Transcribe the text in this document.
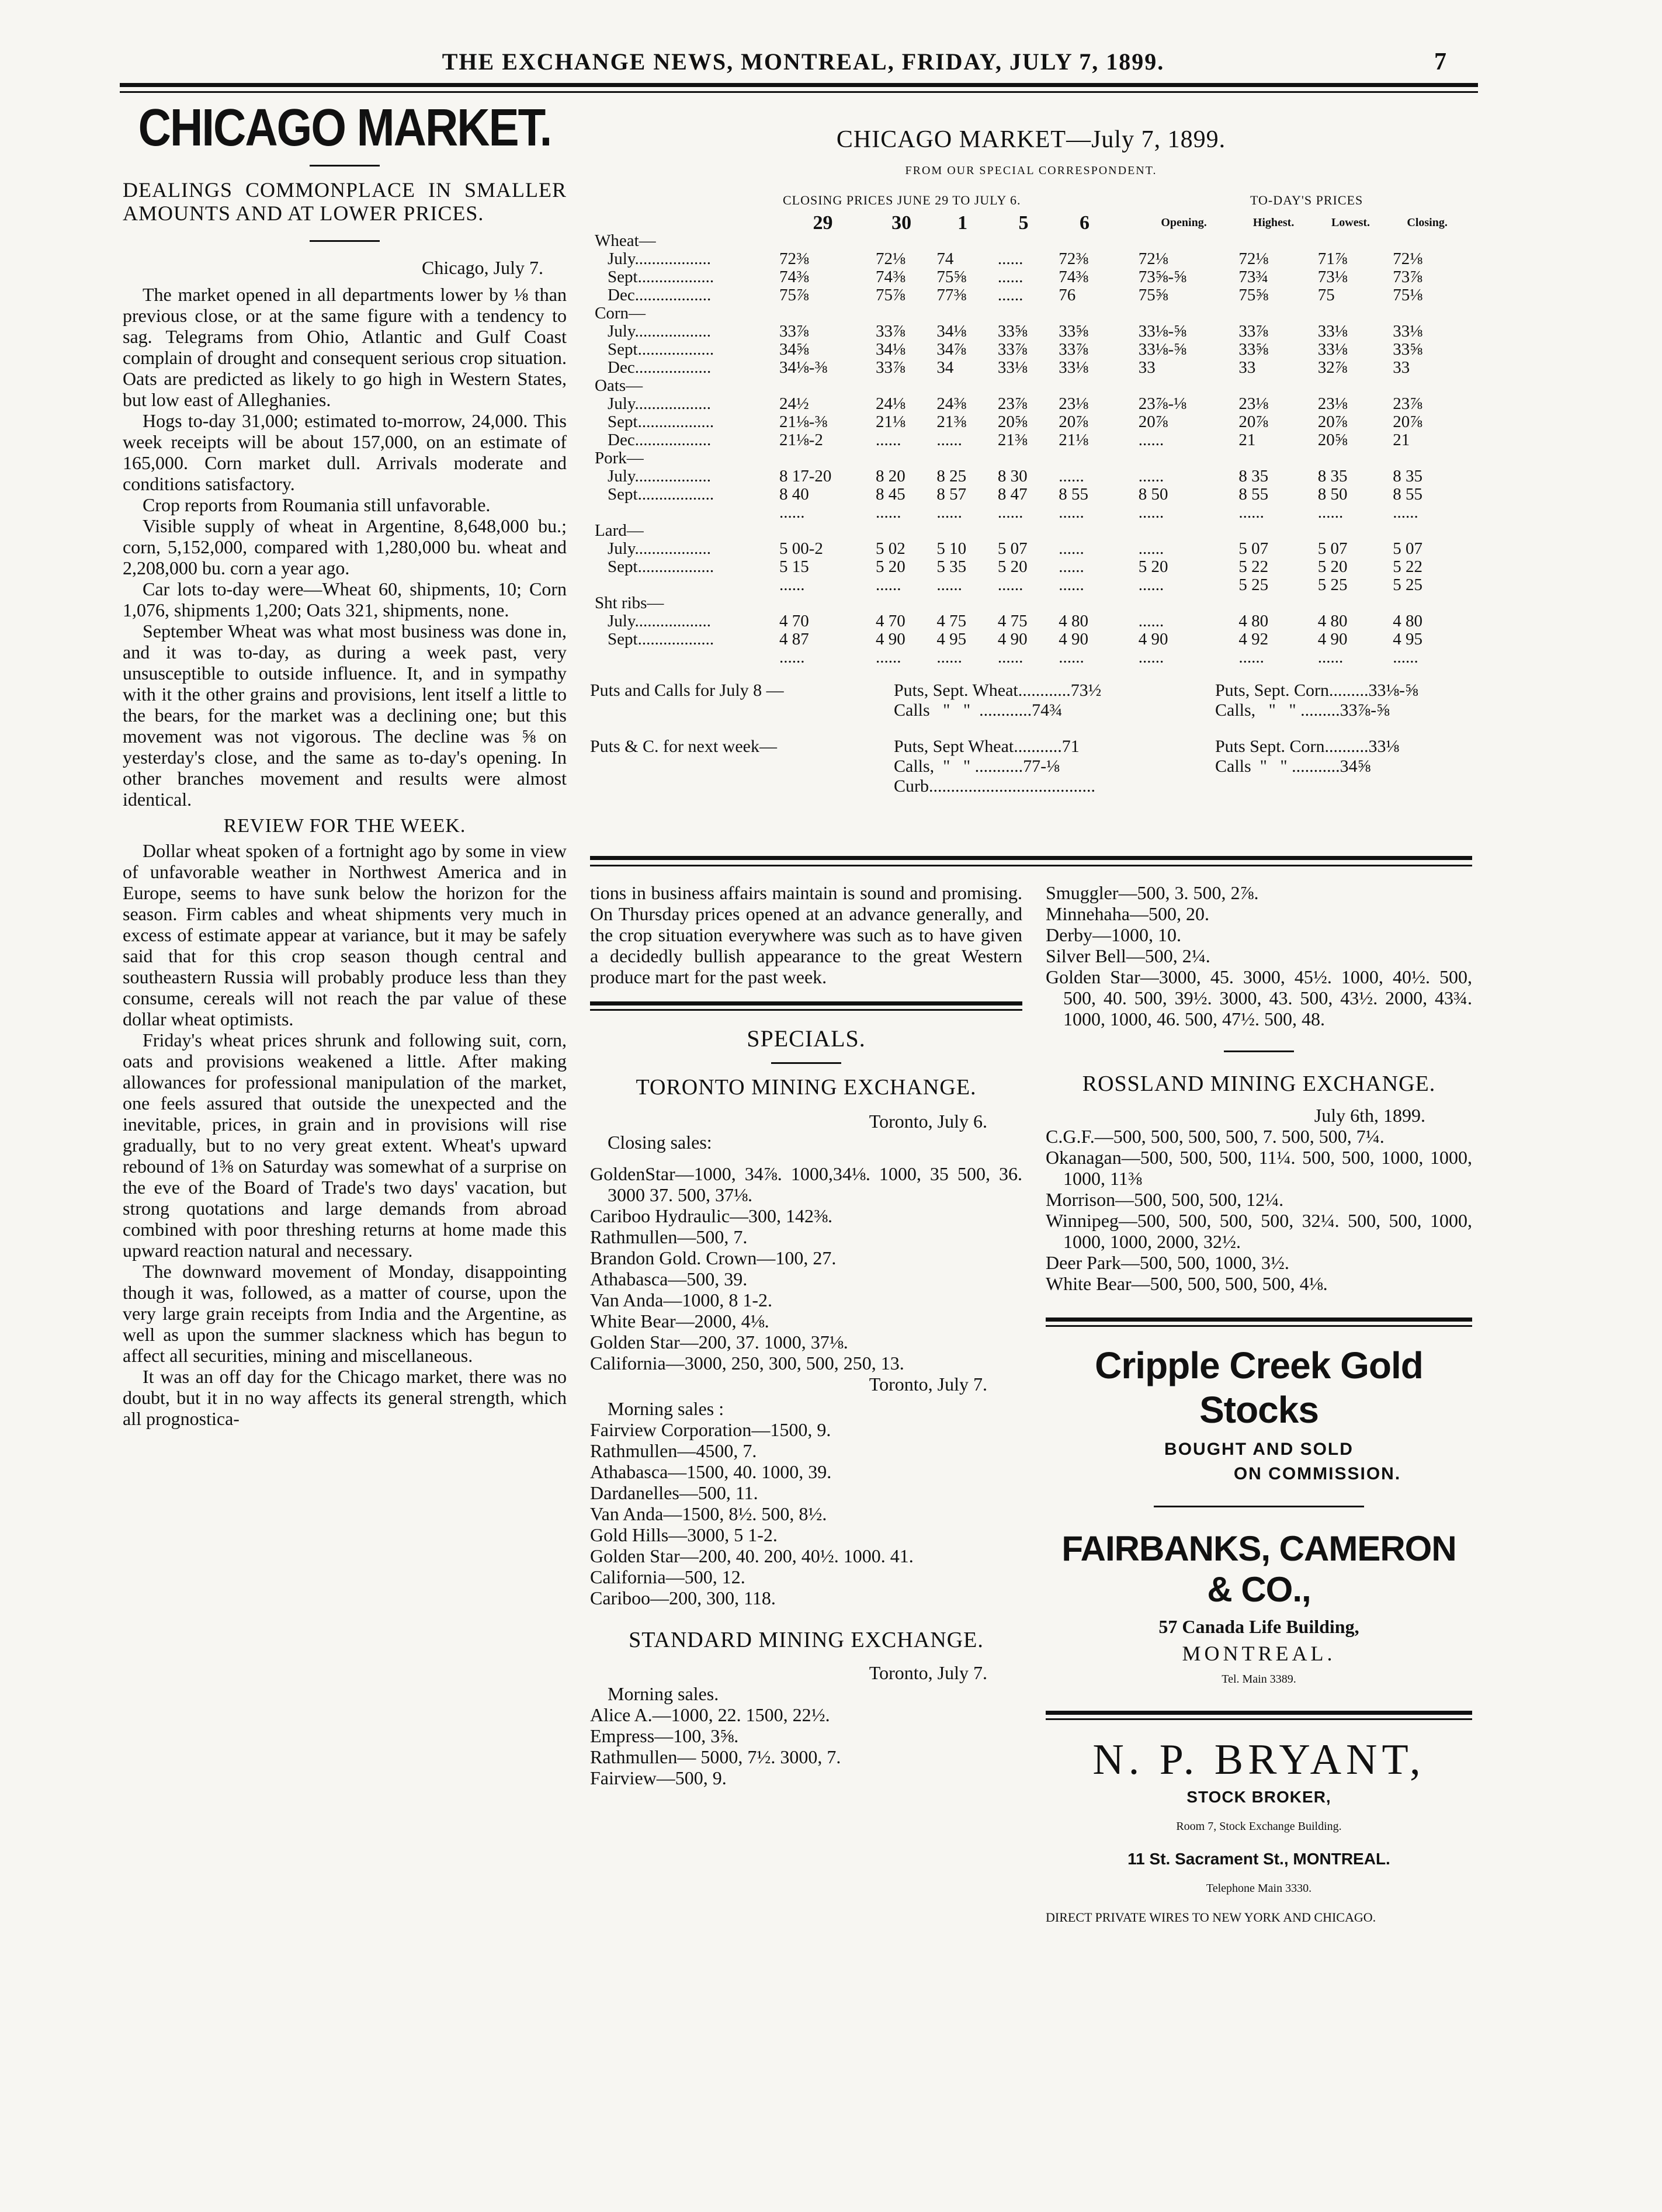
THE EXCHANGE NEWS, MONTREAL, FRIDAY, JULY 7, 1899.	7
CHICAGO MARKET.
DEALINGS COMMONPLACE IN SMALLER AMOUNTS AND AT LOWER PRICES.
Chicago, July 7.

The market opened in all departments lower by ⅛ than previous close, or at the same figure with a tendency to sag. Telegrams from Ohio, Atlantic and Gulf Coast complain of drought and consequent serious crop situation. Oats are predicted as likely to go high in Western States, but low east of Alleghanies.

Hogs to-day 31,000; estimated to-morrow, 24,000. This week receipts will be about 157,000, on an estimate of 165,000. Corn market dull. Arrivals moderate and conditions satisfactory.

Crop reports from Roumania still unfavorable.

Visible supply of wheat in Argentine, 8,648,000 bu.; corn, 5,152,000, compared with 1,280,000 bu. wheat and 2,208,000 bu. corn a year ago.

Car lots to-day were—Wheat 60, shipments, 10; Corn 1,076, shipments 1,200; Oats 321, shipments, none.

September Wheat was what most business was done in, and it was to-day, as during a week past, very unsusceptible to outside influence. It, and in sympathy with it the other grains and provisions, lent itself a little to the bears, for the market was a declining one; but this movement was not vigorous. The decline was ⅝ on yesterday's close, and the same as to-day's opening. In other branches movement and results were almost identical.

REVIEW FOR THE WEEK.

Dollar wheat spoken of a fortnight ago by some in view of unfavorable weather in Northwest America and in Europe, seems to have sunk below the horizon for the season. Firm cables and wheat shipments very much in excess of estimate appear at variance, but it may be safely said that for this crop season though central and southeastern Russia will probably produce less than they consume, cereals will not reach the par value of these dollar wheat optimists.

Friday's wheat prices shrunk and following suit, corn, oats and provisions weakened a little. After making allowances for professional manipulation of the market, one feels assured that outside the unexpected and the inevitable, prices, in grain and in provisions will rise gradually, but to no very great extent. Wheat's upward rebound of 1⅜ on Saturday was somewhat of a surprise on the eve of the Board of Trade's two days' vacation, but strong quotations and large demands from abroad combined with poor threshing returns at home made this upward reaction natural and necessary.

The downward movement of Monday, disappointing though it was, followed, as a matter of course, upon the very large grain receipts from India and the Argentine, as well as upon the summer slackness which has begun to affect all securities, mining and miscellaneous.

It was an off day for the Chicago market, there was no doubt, but it in no way affects its general strength, which all prognostica-

CHICAGO MARKET—July 7, 1899.
FROM OUR SPECIAL CORRESPONDENT.
CLOSING PRICES JUNE 29 TO JULY 6.	TO-DAY'S PRICES
	29	30	1	5	6	Opening.	Highest.	Lowest.	Closing.
Wheat—									
July..................	72⅜	72⅛	74	......	72⅜	72⅛	72⅛	71⅞	72⅛
Sept..................	74⅜	74⅜	75⅝	......	74⅜	73⅝-⅝	73¾	73⅛	73⅞
Dec..................	75⅞	75⅞	77⅜	......	76	75⅝	75⅝	75	75⅛
Corn—									
July..................	33⅞	33⅞	34⅛	33⅝	33⅝	33⅛-⅝	33⅞	33⅛	33⅛
Sept..................	34⅝	34⅛	34⅞	33⅞	33⅞	33⅛-⅝	33⅝	33⅛	33⅝
Dec..................	34⅛-⅜	33⅞	34	33⅛	33⅛	33	33	32⅞	33
Oats—									
July..................	24½	24⅛	24⅜	23⅞	23⅛	23⅞-⅛	23⅛	23⅛	23⅞
Sept..................	21⅛-⅜	21⅛	21⅜	20⅝	20⅞	20⅞	20⅞	20⅞	20⅞
Dec..................	21⅛-2	......	......	21⅜	21⅛	......	21	20⅝	21
Pork—									
July..................	8 17-20	8 20	8 25	8 30	......	......	8 35	8 35	8 35
Sept..................	8 40	8 45	8 57	8 47	8 55	8 50	8 55	8 50	8 55
	......	......	......	......	......	......	......	......	......
Lard—									
July..................	5 00-2	5 02	5 10	5 07	......	......	5 07	5 07	5 07
Sept..................	5 15	5 20	5 35	5 20	......	5 20	5 22	5 20	5 22
	......	......	......	......	......	......	5 25	5 25	5 25
Sht ribs—									
July..................	4 70	4 70	4 75	4 75	4 80	......	4 80	4 80	4 80
Sept..................	4 87	4 90	4 95	4 90	4 90	4 90	4 92	4 90	4 95
	......	......	......	......	......	......	......	......	......
Puts and Calls for July 8 —	Puts, Sept. Wheat............73½
Calls   "   "  ............74¾
Puts, Sept. Corn.........33⅛-⅝
Calls,   "   " .........33⅞-⅝
Puts & C. for next week—	Puts, Sept Wheat...........71
Calls,  "   " ...........77-⅛
Curb......................................
Puts Sept. Corn..........33⅛
Calls  "   " ...........34⅝
tions in business affairs maintain is sound and promising. On Thursday prices opened at an advance generally, and the crop situation everywhere was such as to have given a decidedly bullish appearance to the great Western produce mart for the past week.
SPECIALS.
TORONTO MINING EXCHANGE.
Toronto, July 6.
Closing sales:
GoldenStar—1000, 34⅞. 1000,34⅛. 1000, 35 500, 36. 3000 37. 500, 37⅛.
Cariboo Hydraulic—300, 142⅜.
Rathmullen—500, 7.
Brandon Gold. Crown—100, 27.
Athabasca—500, 39.
Van Anda—1000, 8 1-2.
White Bear—2000, 4⅛.
Golden Star—200, 37. 1000, 37⅛.
California—3000, 250, 300, 500, 250, 13.
Toronto, July 7.
Morning sales :
Fairview Corporation—1500, 9.
Rathmullen—4500, 7.
Athabasca—1500, 40. 1000, 39.
Dardanelles—500, 11.
Van Anda—1500, 8½. 500, 8½.
Gold Hills—3000, 5 1-2.
Golden Star—200, 40. 200, 40½. 1000. 41.
California—500, 12.
Cariboo—200, 300, 118.
STANDARD MINING EXCHANGE.
Toronto, July 7.
Morning sales.
Alice A.—1000, 22. 1500, 22½.
Empress—100, 3⅝.
Rathmullen— 5000, 7½. 3000, 7.
Fairview—500, 9.
Smuggler—500, 3. 500, 2⅞.
Minnehaha—500, 20.
Derby—1000, 10.
Silver Bell—500, 2¼.
Golden Star—3000, 45. 3000, 45½. 1000, 40½. 500, 500, 40. 500, 39½. 3000, 43. 500, 43½. 2000, 43¾. 1000, 1000, 46. 500, 47½. 500, 48.
ROSSLAND MINING EXCHANGE.
July 6th, 1899.
C.G.F.—500, 500, 500, 500, 7. 500, 500, 7¼.
Okanagan—500, 500, 500, 11¼. 500, 500, 1000, 1000, 1000, 11⅜
Morrison—500, 500, 500, 12¼.
Winnipeg—500, 500, 500, 500, 32¼. 500, 500, 1000, 1000, 1000, 2000, 32½.
Deer Park—500, 500, 1000, 3½.
White Bear—500, 500, 500, 500, 4⅛.
Cripple Creek Gold Stocks
BOUGHT AND SOLD
ON COMMISSION.
FAIRBANKS, CAMERON & CO.,
57 Canada Life Building,
MONTREAL.
Tel. Main 3389.
N. P. BRYANT,
STOCK BROKER,
Room 7, Stock Exchange Building.
11 St. Sacrament St., MONTREAL.
Telephone Main 3330.
DIRECT PRIVATE WIRES TO NEW YORK AND CHICAGO.
